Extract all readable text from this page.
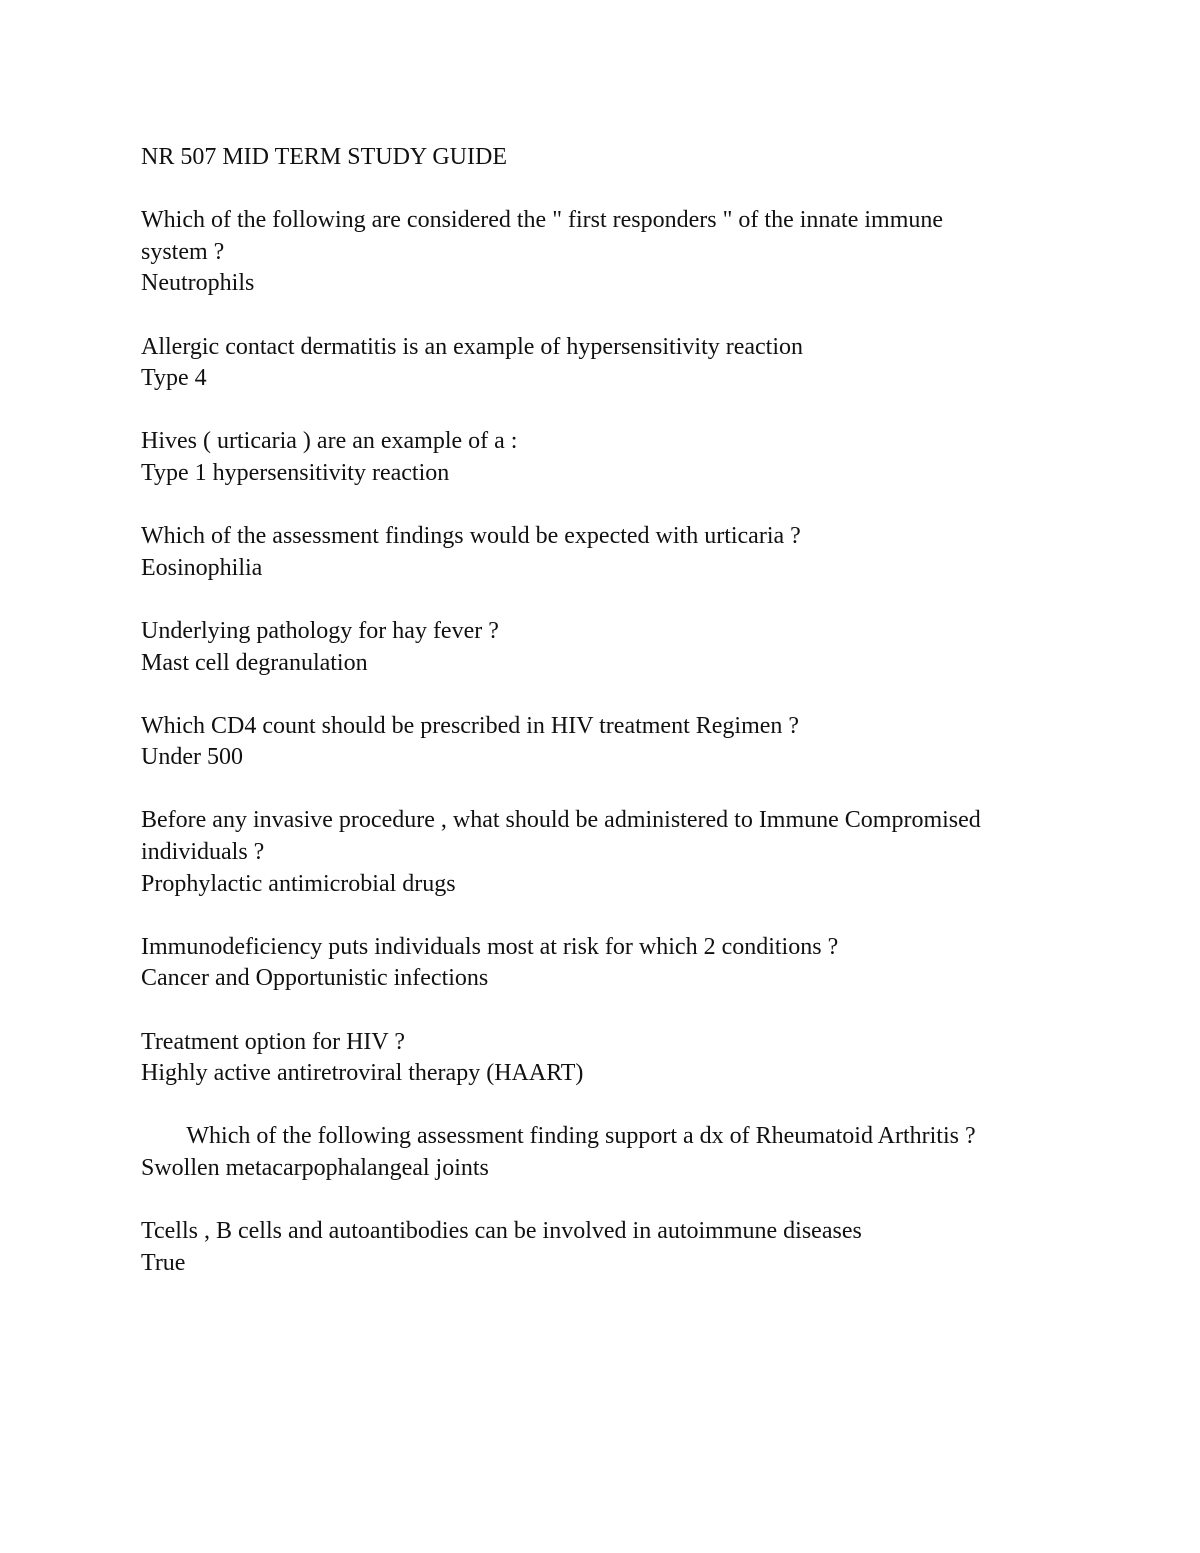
NR 507 MID TERM STUDY GUIDE
Which of the following are considered the " first responders " of the innate immune system ?
Neutrophils
Allergic contact dermatitis is an example of hypersensitivity reaction
Type 4
Hives ( urticaria ) are an example of a :
Type 1 hypersensitivity reaction
Which of the assessment findings would be expected with urticaria ?
Eosinophilia
Underlying pathology for hay fever ?
Mast cell degranulation
Which CD4 count should be prescribed in HIV treatment Regimen ?
Under 500
Before any invasive procedure , what should be administered to Immune Compromised individuals ?
Prophylactic antimicrobial drugs
Immunodeficiency puts individuals most at risk for which 2 conditions ?
Cancer and Opportunistic infections
Treatment option for HIV ?
Highly active antiretroviral therapy (HAART)
Which of the following assessment finding support a dx of Rheumatoid Arthritis ?
Swollen metacarpophalangeal joints
Tcells , B cells and autoantibodies can be involved in autoimmune diseases
True
